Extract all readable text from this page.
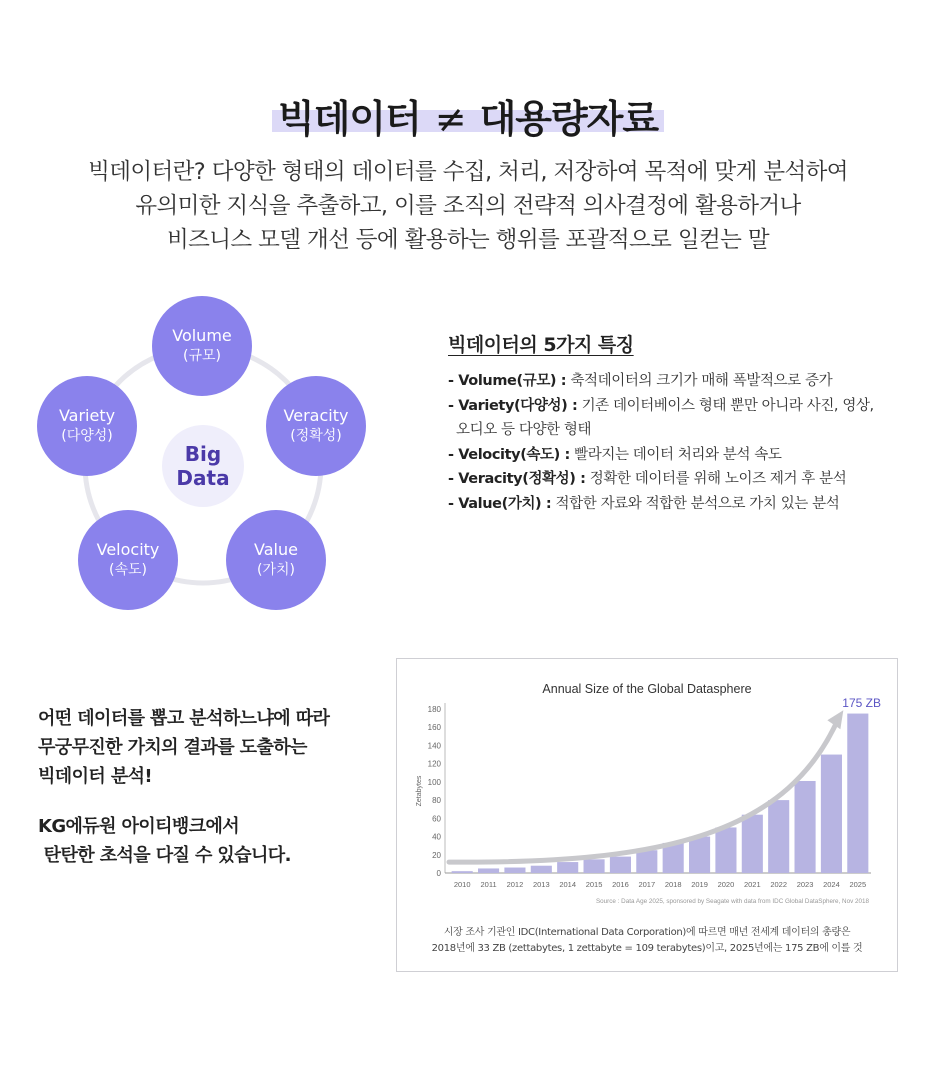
빅데이터 ≠ 대용량자료
빅데이터란? 다양한 형태의 데이터를 수집, 처리, 저장하여 목적에 맞게 분석하여
유의미한 지식을 추출하고, 이를 조직의 전략적 의사결정에 활용하거나
비즈니스 모델 개선 등에 활용하는 행위를 포괄적으로 일컫는 말
Volume
(규모)
Veracity
(정확성)
Value
(가치)
Velocity
(속도)
Variety
(다양성)
Big
Data
빅데이터의 5가지 특징
- Volume(규모) : 축적데이터의 크기가 매해 폭발적으로 증가
- Variety(다양성) : 기존 데이터베이스 형태 뿐만 아니라 사진, 영상,
오디오 등 다양한 형태
- Velocity(속도) : 빨라지는 데이터 처리와 분석 속도
- Veracity(정확성) : 정확한 데이터를 위해 노이즈 제거 후 분석
- Value(가치) : 적합한 자료와 적합한 분석으로 가치 있는 분석
어떤 데이터를 뽑고 분석하느냐에 따라
무궁무진한 가치의 결과를 도출하는
빅데이터 분석!
KG에듀원 아이티뱅크에서
탄탄한 초석을 다질 수 있습니다.
Annual Size of the Global Datasphere
Zetabytes
0
20
40
60
80
100
120
140
160
180
2010 2011 2012 2013 2014 2015 2016 2017 2018 2019 2020 2021 2022 2023 2024 2025
175 ZB
Source : Data Age 2025, sponsored by Seagate with data from IDC Global DataSphere, Nov 2018
시장 조사 기관인 IDC(International Data Corporation)에 따르면 매년 전세계 데이터의 총량은
2018년에 33 ZB (zettabytes, 1 zettabyte = 109 terabytes)이고, 2025년에는 175 ZB에 이를 것
